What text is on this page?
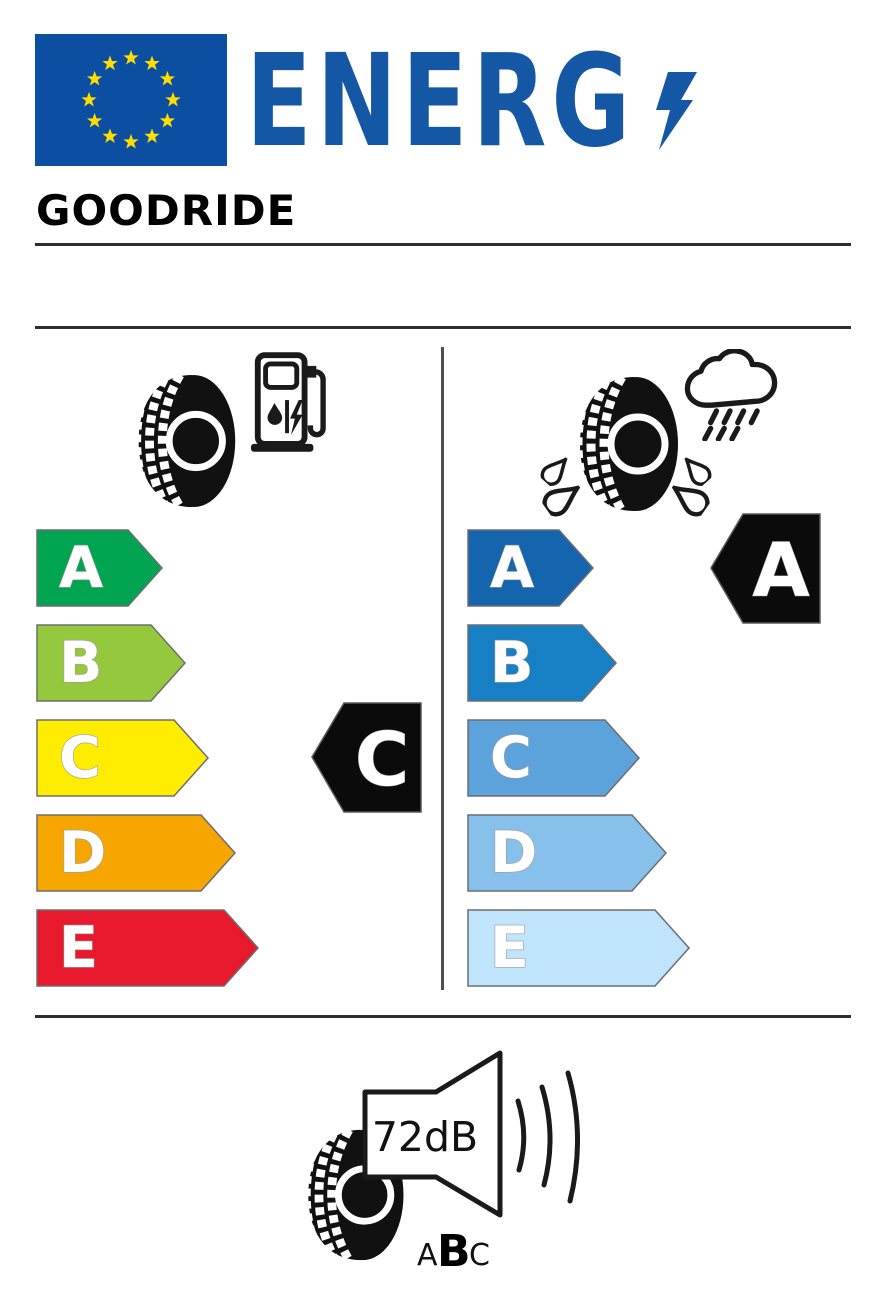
ENERG
GOODRIDE
A
B
C
D
E
A
B
C
D
E
C
A
72dB
A B
C
